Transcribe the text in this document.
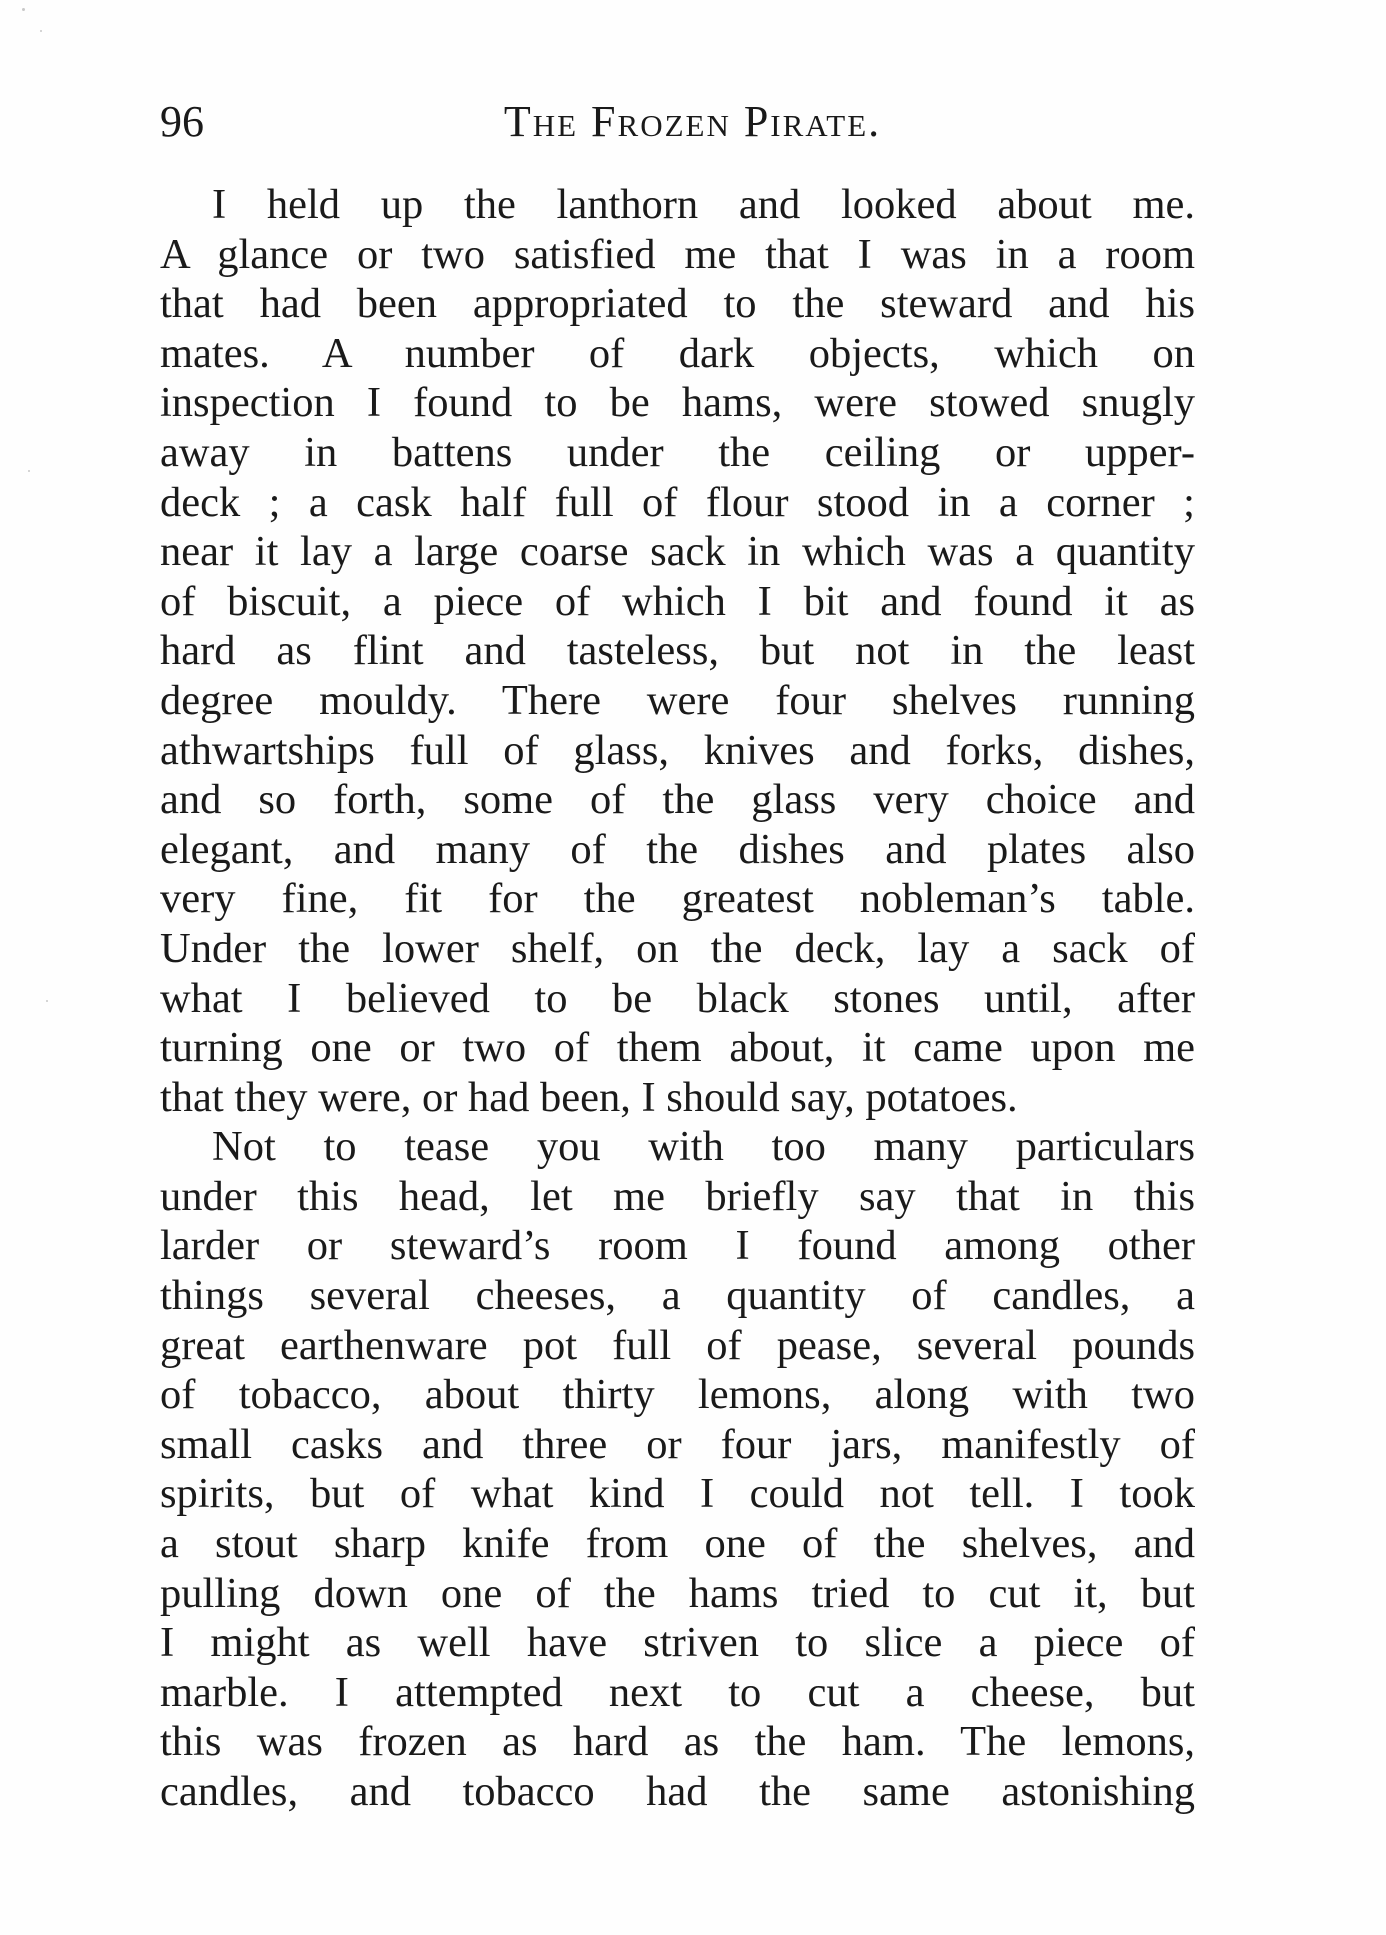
96	The Frozen Pirate.
I held up the lanthorn and looked about me.
A glance or two satisfied me that I was in a room
that had been appropriated to the steward and his
mates. A number of dark objects, which on
inspection I found to be hams, were stowed snugly
away in battens under the ceiling or upper-
deck ; a cask half full of flour stood in a corner ;
near it lay a large coarse sack in which was a quantity
of biscuit, a piece of which I bit and found it as
hard as flint and tasteless, but not in the least
degree mouldy. There were four shelves running
athwartships full of glass, knives and forks, dishes,
and so forth, some of the glass very choice and
elegant, and many of the dishes and plates also
very fine, fit for the greatest nobleman’s table.
Under the lower shelf, on the deck, lay a sack of
what I believed to be black stones until, after
turning one or two of them about, it came upon me
that they were, or had been, I should say, potatoes.
Not to tease you with too many particulars
under this head, let me briefly say that in this
larder or steward’s room I found among other
things several cheeses, a quantity of candles, a
great earthenware pot full of pease, several pounds
of tobacco, about thirty lemons, along with two
small casks and three or four jars, manifestly of
spirits, but of what kind I could not tell. I took
a stout sharp knife from one of the shelves, and
pulling down one of the hams tried to cut it, but
I might as well have striven to slice a piece of
marble. I attempted next to cut a cheese, but
this was frozen as hard as the ham. The lemons,
candles, and tobacco had the same astonishing
